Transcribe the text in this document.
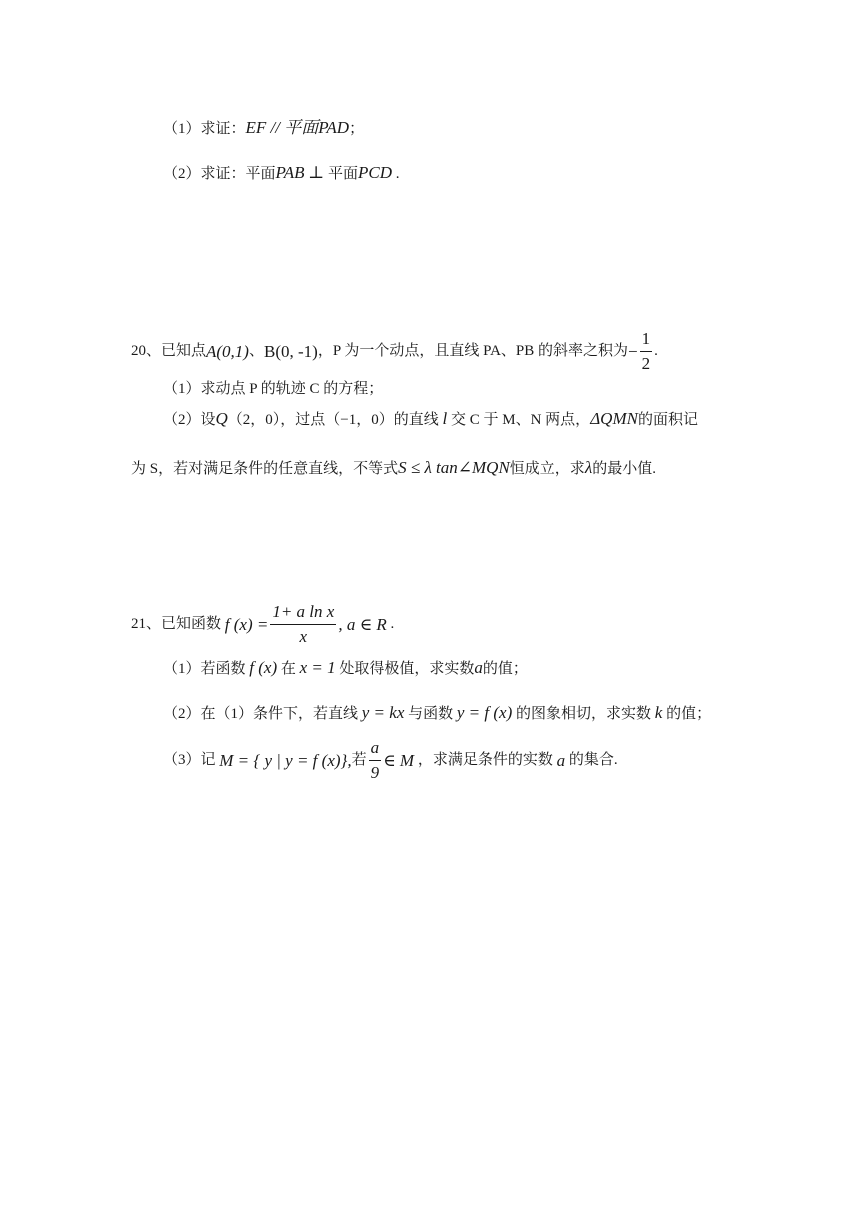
（1）求证：EF // 平面PAD；
（2）求证：平面PAB ⊥ 平面PCD .
20、已知点A(0,1)、B(0, -1)，P 为一个动点，且直线 PA、PB 的斜率之积为− $\frac{1}{2}$ .
（1）求动点 P 的轨迹 C 的方程；
（2）设Q（2，0），过点（−1，0）的直线 l 交 C 于 M、N 两点，ΔQMN的面积记
为 S，若对满足条件的任意直线，不等式S ≤ λ tan∠MQN恒成立，求λ的最小值.
21、已知函数 f $(x) = \frac{\text{1+ a ln x}}{x}$ , a ∈ R .
（1）若函数 f (x) 在 x = 1 处取得极值，求实数a的值；
（2）在（1）条件下，若直线 y = kx 与函数 y = f (x) 的图象相切，求实数 k 的值；
（3）记 M = { y | y = f (x)},若 $\frac{a}{9}$ ∈ M ，求满足条件的实数 a 的集合.
